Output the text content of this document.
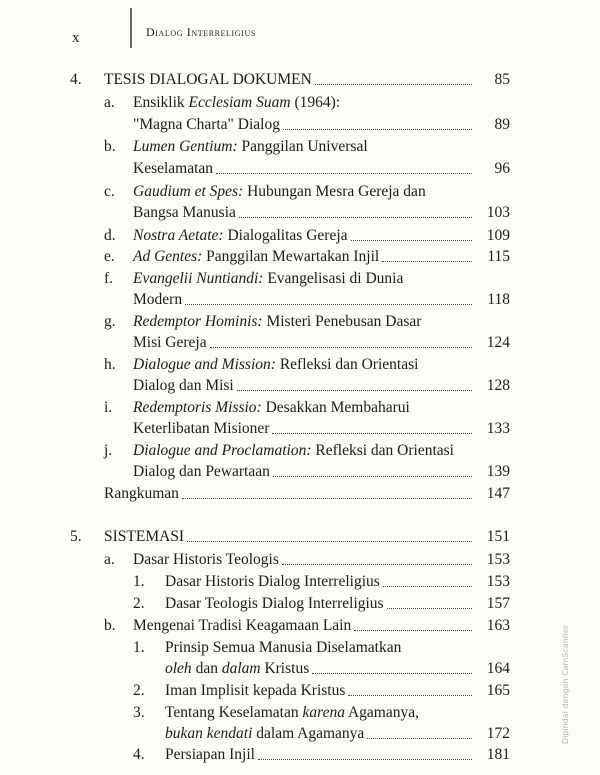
x	Dialog Interreligius
4. TESIS DIALOGAL DOKUMEN	85
a. Ensiklik Ecclesiam Suam (1964):
"Magna Charta" Dialog	89
b. Lumen Gentium: Panggilan Universal
Keselamatan	96
c. Gaudium et Spes: Hubungan Mesra Gereja dan
Bangsa Manusia	103
d. Nostra Aetate: Dialogalitas Gereja	109
e. Ad Gentes: Panggilan Mewartakan Injil	115
f. Evangelii Nuntiandi: Evangelisasi di Dunia
Modern	118
g. Redemptor Hominis: Misteri Penebusan Dasar
Misi Gereja	124
h. Dialogue and Mission: Refleksi dan Orientasi
Dialog dan Misi	128
i. Redemptoris Missio: Desakkan Membaharui
Keterlibatan Misioner	133
j. Dialogue and Proclamation: Refleksi dan Orientasi
Dialog dan Pewartaan	139
Rangkuman	147
5. SISTEMASI	151
a. Dasar Historis Teologis	153
1. Dasar Historis Dialog Interreligius	153
2. Dasar Teologis Dialog Interreligius	157
b. Mengenai Tradisi Keagamaan Lain	163
1. Prinsip Semua Manusia Diselamatkan
oleh dan dalam Kristus	164
2. Iman Implisit kepada Kristus	165
3. Tentang Keselamatan karena Agamanya,
bukan kendati dalam Agamanya	172
4. Persiapan Injil	181
Dipindai dengan CamScanner
